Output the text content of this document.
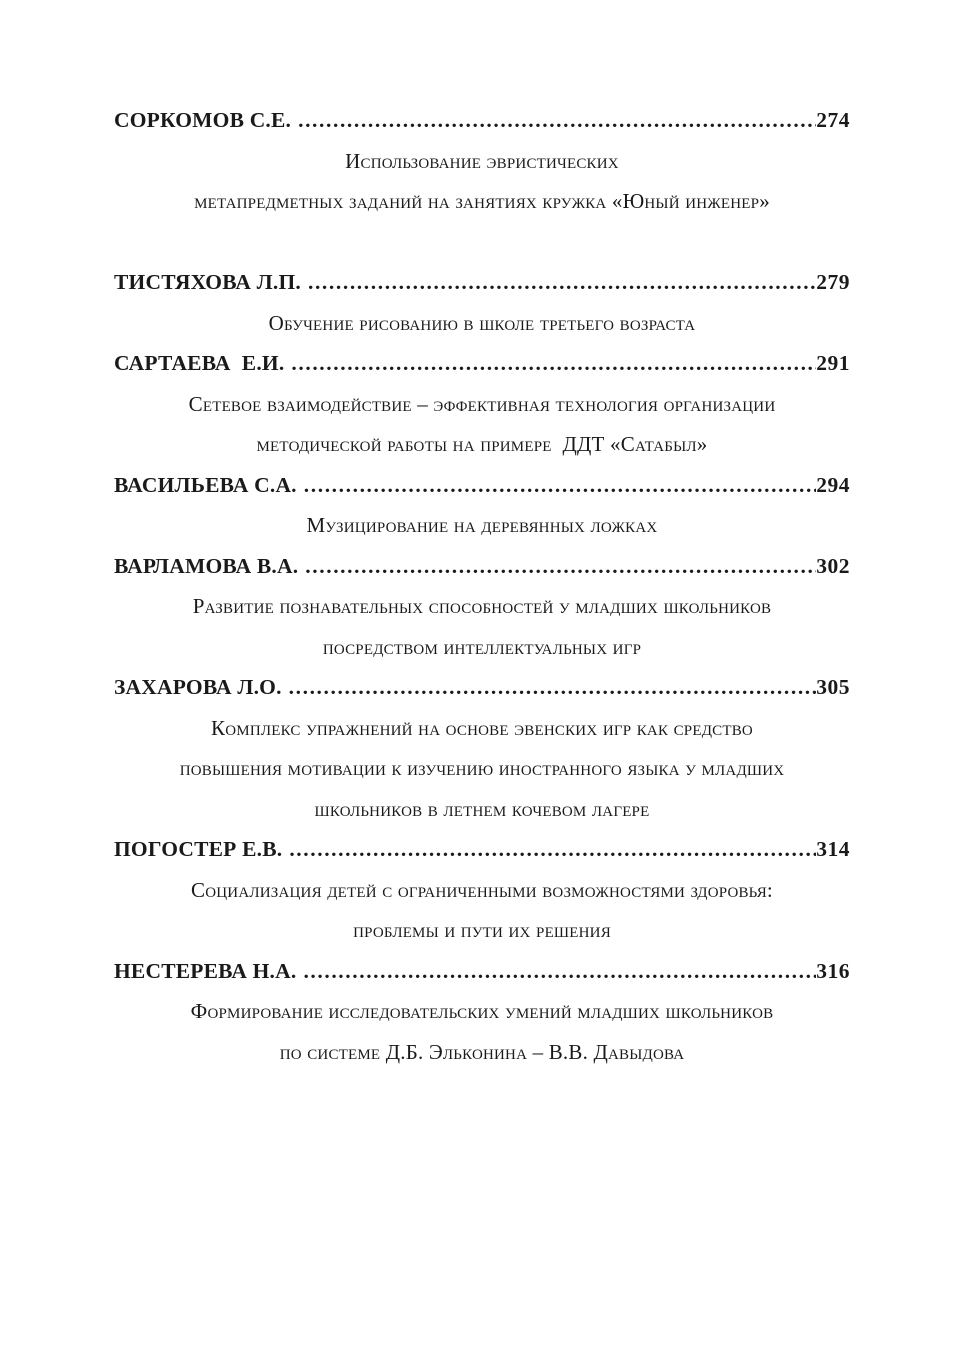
СОРКОМОВ С.Е. .....	274
Использование эвристических
метапредметных заданий на занятиях кружка «Юный инженер»
ТИСТЯХОВА Л.П. .....	279
Обучение рисованию в школе третьего возраста
САРТАЕВА  Е.И. .....	291
Сетевое взаимодействие – эффективная технология организации
методической работы на примере  ДДТ «Сатабыл»
ВАСИЛЬЕВА С.А. .....	294
Музицирование на деревянных ложках
ВАРЛАМОВА В.А. .....	302
Развитие познавательных способностей у младших школьников
посредством интеллектуальных игр
ЗАХАРОВА Л.О. .....	305
Комплекс упражнений на основе эвенских игр как средство
повышения мотивации к изучению иностранного языка у младших
школьников в летнем кочевом лагере
ПОГОСТЕР Е.В. .....	314
Социализация детей с ограниченными возможностями здоровья:
проблемы и пути их решения
НЕСТЕРЕВА Н.А. .....	316
Формирование исследовательских умений младших школьников
по системе Д.Б. Эльконина – В.В. Давыдова
